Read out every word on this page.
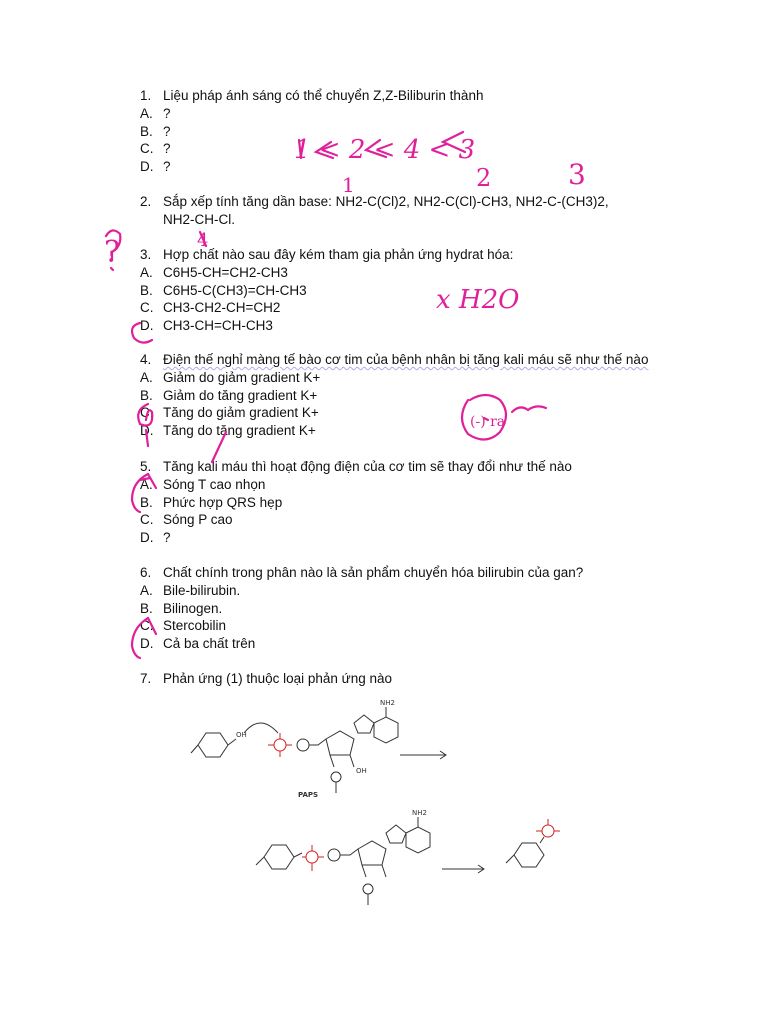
1. Liệu pháp ánh sáng có thể chuyển Z,Z-Biliburin thành
A. ?
B. ?
C. ?
D. ?
2. Sắp xếp tính tăng dần base: NH2-C(Cl)2, NH2-C(Cl)-CH3, NH2-C-(CH3)2,
NH2-CH-Cl.
3. Hợp chất nào sau đây kém tham gia phản ứng hydrat hóa:
A. C6H5-CH=CH2-CH3
B. C6H5-C(CH3)=CH-CH3
C. CH3-CH2-CH=CH2
D. CH3-CH=CH-CH3
4. Điện thế nghỉ màng tế bào cơ tim của bệnh nhân bị tăng kali máu sẽ như thế nào
A. Giảm do giảm gradient K+
B. Giảm do tăng gradient K+
C. Tăng do giảm gradient K+
D. Tăng do tăng gradient K+
5. Tăng kali máu thì hoạt động điện của cơ tim sẽ thay đổi như thế nào
A. Sóng T cao nhọn
B. Phức hợp QRS hẹp
C. Sóng P cao
D. ?
6. Chất chính trong phân nào là sản phẩm chuyển hóa bilirubin của gan?
A. Bile-bilirubin.
B. Bilinogen.
C. Stercobilin
D. Cả ba chất trên
7. Phản ứng (1) thuộc loại phản ứng nào
1 < 2 < 4 < 3
1	2	3
4
?
x H2O
(-) ra
OH
OH
NH2
PAPS
NH2
